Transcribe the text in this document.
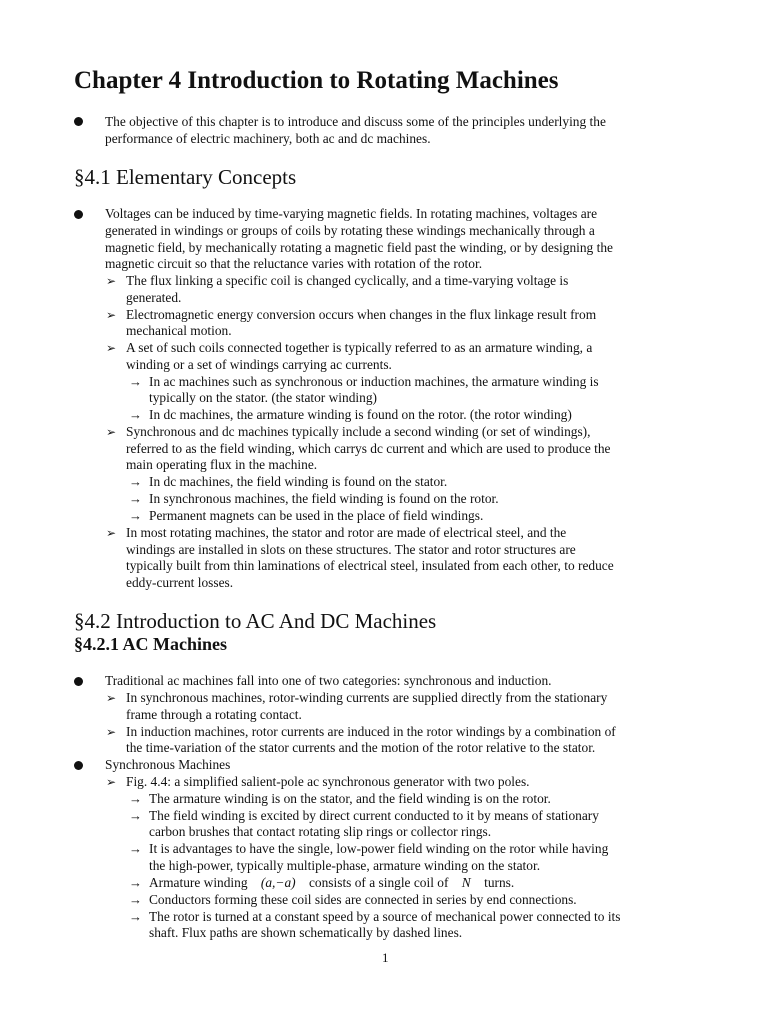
Chapter 4 Introduction to Rotating Machines
The objective of this chapter is to introduce and discuss some of the principles underlying the
performance of electric machinery, both ac and dc machines.
§4.1 Elementary Concepts
Voltages can be induced by time-varying magnetic fields. In rotating machines, voltages are
generated in windings or groups of coils by rotating these windings mechanically through a
magnetic field, by mechanically rotating a magnetic field past the winding, or by designing the
magnetic circuit so that the reluctance varies with rotation of the rotor.
➢ The flux linking a specific coil is changed cyclically, and a time-varying voltage is
generated.
➢ Electromagnetic energy conversion occurs when changes in the flux linkage result from
mechanical motion.
➢ A set of such coils connected together is typically referred to as an armature winding, a
winding or a set of windings carrying ac currents.
→ In ac machines such as synchronous or induction machines, the armature winding is
typically on the stator. (the stator winding)
→ In dc machines, the armature winding is found on the rotor. (the rotor winding)
➢ Synchronous and dc machines typically include a second winding (or set of windings),
referred to as the field winding, which carrys dc current and which are used to produce the
main operating flux in the machine.
→ In dc machines, the field winding is found on the stator.
→ In synchronous machines, the field winding is found on the rotor.
→ Permanent magnets can be used in the place of field windings.
➢ In most rotating machines, the stator and rotor are made of electrical steel, and the
windings are installed in slots on these structures. The stator and rotor structures are
typically built from thin laminations of electrical steel, insulated from each other, to reduce
eddy-current losses.
§4.2 Introduction to AC And DC Machines
§4.2.1 AC Machines
Traditional ac machines fall into one of two categories: synchronous and induction.
➢ In synchronous machines, rotor-winding currents are supplied directly from the stationary
frame through a rotating contact.
➢ In induction machines, rotor currents are induced in the rotor windings by a combination of
the time-variation of the stator currents and the motion of the rotor relative to the stator.
Synchronous Machines
➢ Fig. 4.4: a simplified salient-pole ac synchronous generator with two poles.
→ The armature winding is on the stator, and the field winding is on the rotor.
→ The field winding is excited by direct current conducted to it by means of stationary
carbon brushes that contact rotating slip rings or collector rings.
→ It is advantages to have the single, low-power field winding on the rotor while having
the high-power, typically multiple-phase, armature winding on the stator.
→ Armature winding (a,−a) consists of a single coil of N turns.
→ Conductors forming these coil sides are connected in series by end connections.
→ The rotor is turned at a constant speed by a source of mechanical power connected to its
shaft. Flux paths are shown schematically by dashed lines.
1
